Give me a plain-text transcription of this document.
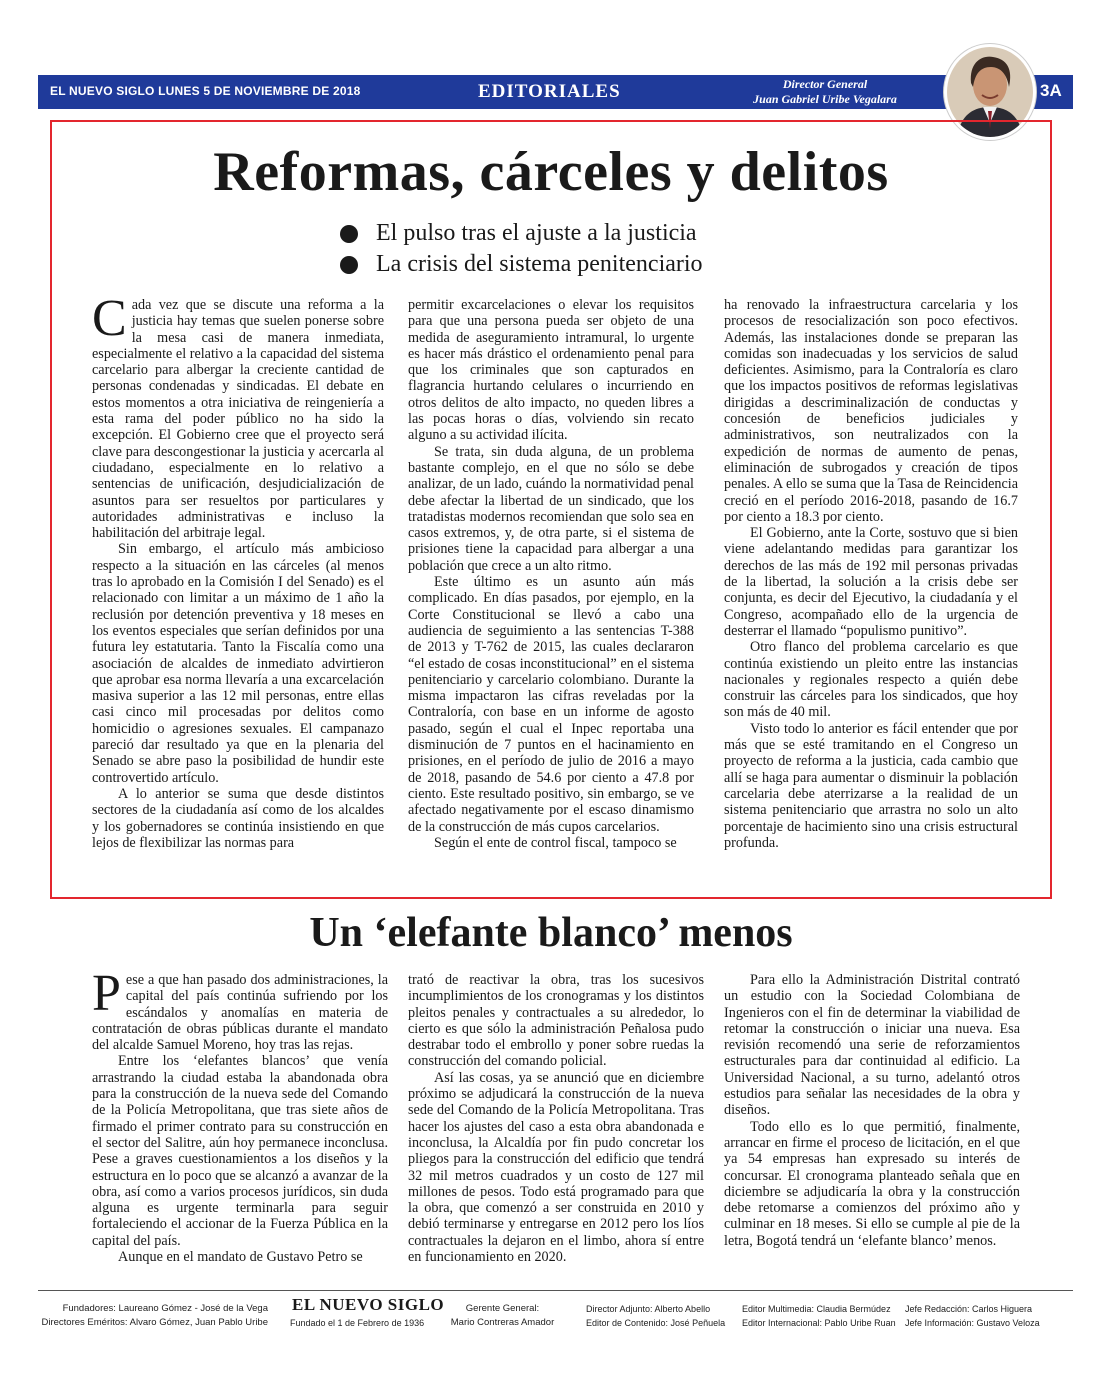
EL NUEVO SIGLO LUNES 5 DE NOVIEMBRE DE 2018	EDITORIALES	Director General
Juan Gabriel Uribe Vegalara	3A
Reformas, cárceles y delitos
El pulso tras el ajuste a la justicia
La crisis del sistema penitenciario

Cada vez que se discute una reforma a la justicia hay temas que suelen ponerse sobre la mesa casi de manera inmediata, especialmente el relativo a la capacidad del sistema carcelario para albergar la creciente cantidad de personas condenadas y sindicadas. El debate en estos momentos a otra iniciativa de reingeniería a esta rama del poder público no ha sido la excepción. El Gobierno cree que el proyecto será clave para descongestionar la justicia y acercarla al ciudadano, especialmente en lo relativo a sentencias de unificación, desjudicialización de asuntos para ser resueltos por particulares y autoridades administrativas e incluso la habilitación del arbitraje legal.

Sin embargo, el artículo más ambicioso respecto a la situación en las cárceles (al menos tras lo aprobado en la Comisión I del Senado) es el relacionado con limitar a un máximo de 1 año la reclusión por detención preventiva y 18 meses en los eventos especiales que serían definidos por una futura ley estatutaria. Tanto la Fiscalía como una asociación de alcaldes de inmediato advirtieron que aprobar esa norma llevaría a una excarcelación masiva superior a las 12 mil personas, entre ellas casi cinco mil procesadas por delitos como homicidio o agresiones sexuales. El campanazo pareció dar resultado ya que en la plenaria del Senado se abre paso la posibilidad de hundir este controvertido artículo.

A lo anterior se suma que desde distintos sectores de la ciudadanía así como de los alcaldes y los gobernadores se continúa insistiendo en que lejos de flexibilizar las normas para

permitir excarcelaciones o elevar los requisitos para que una persona pueda ser objeto de una medida de aseguramiento intramural, lo urgente es hacer más drástico el ordenamiento penal para que los criminales que son capturados en flagrancia hurtando celulares o incurriendo en otros delitos de alto impacto, no queden libres a las pocas horas o días, volviendo sin recato alguno a su actividad ilícita.

Se trata, sin duda alguna, de un problema bastante complejo, en el que no sólo se debe analizar, de un lado, cuándo la normatividad penal debe afectar la libertad de un sindicado, que los tratadistas modernos recomiendan que solo sea en casos extremos, y, de otra parte, si el sistema de prisiones tiene la capacidad para albergar a una población que crece a un alto ritmo.

Este último es un asunto aún más complicado. En días pasados, por ejemplo, en la Corte Constitucional se llevó a cabo una audiencia de seguimiento a las sentencias T-388 de 2013 y T-762 de 2015, las cuales declararon “el estado de cosas inconstitucional” en el sistema penitenciario y carcelario colombiano. Durante la misma impactaron las cifras reveladas por la Contraloría, con base en un informe de agosto pasado, según el cual el Inpec reportaba una disminución de 7 puntos en el hacinamiento en prisiones, en el período de julio de 2016 a mayo de 2018, pasando de 54.6 por ciento a 47.8 por ciento. Este resultado positivo, sin embargo, se ve afectado negativamente por el escaso dinamismo de la construcción de más cupos carcelarios.

Según el ente de control fiscal, tampoco se

ha renovado la infraestructura carcelaria y los procesos de resocialización son poco efectivos. Además, las instalaciones donde se preparan las comidas son inadecuadas y los servicios de salud deficientes. Asimismo, para la Contraloría es claro que los impactos positivos de reformas legislativas dirigidas a descriminalización de conductas y concesión de beneficios judiciales y administrativos, son neutralizados con la expedición de normas de aumento de penas, eliminación de subrogados y creación de tipos penales. A ello se suma que la Tasa de Reincidencia creció en el período 2016-2018, pasando de 16.7 por ciento a 18.3 por ciento.

El Gobierno, ante la Corte, sostuvo que si bien viene adelantando medidas para garantizar los derechos de las más de 192 mil personas privadas de la libertad, la solución a la crisis debe ser conjunta, es decir del Ejecutivo, la ciudadanía y el Congreso, acompañado ello de la urgencia de desterrar el llamado “populismo punitivo”.

Otro flanco del problema carcelario es que continúa existiendo un pleito entre las instancias nacionales y regionales respecto a quién debe construir las cárceles para los sindicados, que hoy son más de 40 mil.

Visto todo lo anterior es fácil entender que por más que se esté tramitando en el Congreso un proyecto de reforma a la justicia, cada cambio que allí se haga para aumentar o disminuir la población carcelaria debe aterrizarse a la realidad de un sistema penitenciario que arrastra no solo un alto porcentaje de hacimiento sino una crisis estructural profunda.

Un ‘elefante blanco’ menos

Pese a que han pasado dos administraciones, la capital del país continúa sufriendo por los escándalos y anomalías en materia de contratación de obras públicas durante el mandato del alcalde Samuel Moreno, hoy tras las rejas.

Entre los ‘elefantes blancos’ que venía arrastrando la ciudad estaba la abandonada obra para la construcción de la nueva sede del Comando de la Policía Metropolitana, que tras siete años de firmado el primer contrato para su construcción en el sector del Salitre, aún hoy permanece inconclusa. Pese a graves cuestionamientos a los diseños y la estructura en lo poco que se alcanzó a avanzar de la obra, así como a varios procesos jurídicos, sin duda alguna es urgente terminarla para seguir fortaleciendo el accionar de la Fuerza Pública en la capital del país.

Aunque en el mandato de Gustavo Petro se

trató de reactivar la obra, tras los sucesivos incumplimientos de los cronogramas y los distintos pleitos penales y contractuales a su alrededor, lo cierto es que sólo la administración Peñalosa pudo destrabar todo el embrollo y poner sobre ruedas la construcción del comando policial.

Así las cosas, ya se anunció que en diciembre próximo se adjudicará la construcción de la nueva sede del Comando de la Policía Metropolitana. Tras hacer los ajustes del caso a esta obra abandonada e inconclusa, la Alcaldía por fin pudo concretar los pliegos para la construcción del edificio que tendrá 32 mil metros cuadrados y un costo de 127 mil millones de pesos. Todo está programado para que la obra, que comenzó a ser construida en 2010 y debió terminarse y entregarse en 2012 pero los líos contractuales la dejaron en el limbo, ahora sí entre en funcionamiento en 2020.

Para ello la Administración Distrital contrató un estudio con la Sociedad Colombiana de Ingenieros con el fin de determinar la viabilidad de retomar la construcción o iniciar una nueva. Esa revisión recomendó una serie de reforzamientos estructurales para dar continuidad al edificio. La Universidad Nacional, a su turno, adelantó otros estudios para señalar las necesidades de la obra y diseños.

Todo ello es lo que permitió, finalmente, arrancar en firme el proceso de licitación, en el que ya 54 empresas han expresado su interés de concursar. El cronograma planteado señala que en diciembre se adjudicaría la obra y la construcción debe retomarse a comienzos del próximo año y culminar en 18 meses. Si ello se cumple al pie de la letra, Bogotá tendrá un ‘elefante blanco’ menos.

Fundadores: Laureano Gómez - José de la Vega
Directores Eméritos: Alvaro Gómez, Juan Pablo Uribe
EL NUEVO SIGLO
Fundado el 1 de Febrero de 1936
Gerente General:
Mario Contreras Amador
Director Adjunto: Alberto Abello
Editor de Contenido: José Peñuela
Editor Multimedia: Claudia Bermúdez
Editor Internacional: Pablo Uribe Ruan
Jefe Redacción: Carlos Higuera
Jefe Información: Gustavo Veloza
